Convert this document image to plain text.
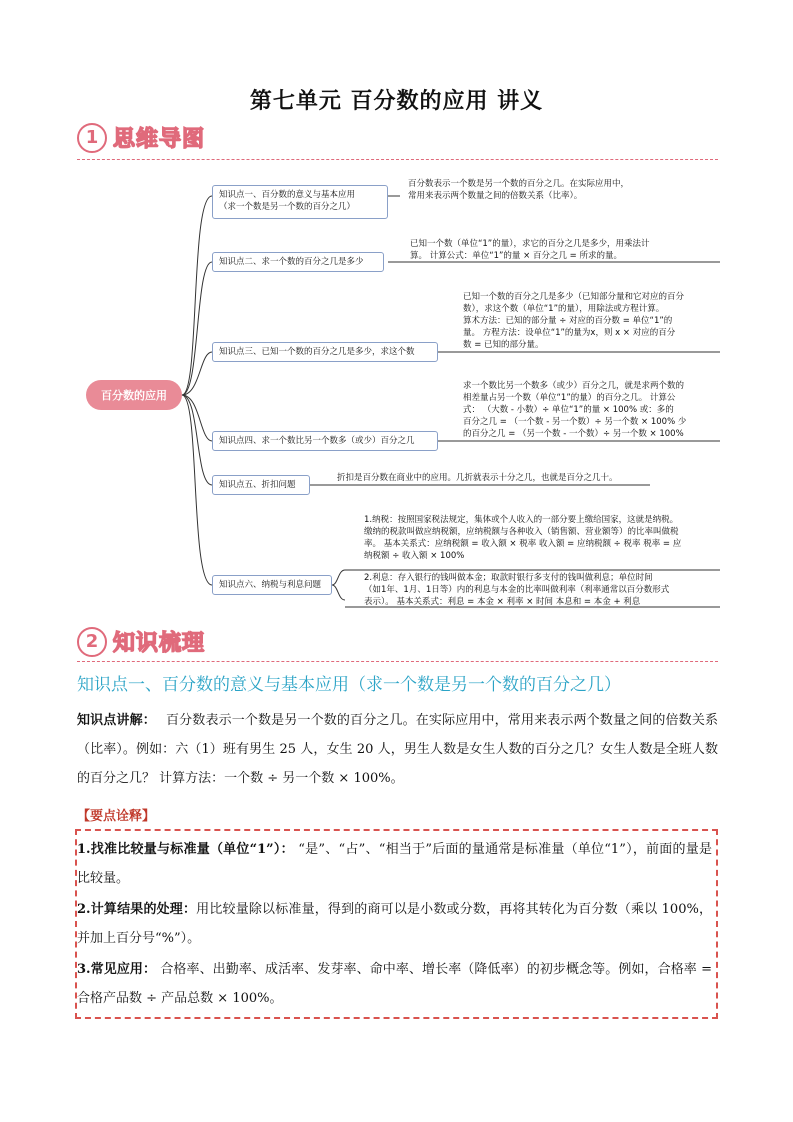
第七单元 百分数的应用 讲义
1 思维导图
百分数的应用
知识点一、百分数的意义与基本应用
（求一个数是另一个数的百分之几）
百分数表示一个数是另一个数的百分之几。在实际应用中，
常用来表示两个数量之间的倍数关系（比率）。
知识点二、求一个数的百分之几是多少
已知一个数（单位“1”的量），求它的百分之几是多少，用乘法计
算。 计算公式：单位“1”的量 × 百分之几 = 所求的量。
知识点三、已知一个数的百分之几是多少，求这个数
已知一个数的百分之几是多少（已知部分量和它对应的百分
数），求这个数（单位“1”的量），用除法或方程计算。
算术方法：已知的部分量 ÷ 对应的百分数 = 单位“1”的
量。 方程方法：设单位“1”的量为x，则 x × 对应的百分
数 = 已知的部分量。
知识点四、求一个数比另一个数多（或少）百分之几
求一个数比另一个数多（或少）百分之几，就是求两个数的
相差量占另一个数（单位“1”的量）的百分之几。 计算公
式： （大数 - 小数）÷ 单位“1”的量 × 100% 或：多的
百分之几 = （一个数 - 另一个数）÷ 另一个数 × 100% 少
的百分之几 = （另一个数 - 一个数）÷ 另一个数 × 100%
知识点五、折扣问题
折扣是百分数在商业中的应用。几折就表示十分之几，也就是百分之几十。
知识点六、纳税与利息问题
1.纳税：按照国家税法规定，集体或个人收入的一部分要上缴给国家，这就是纳税。
缴纳的税款叫做应纳税额，应纳税额与各种收入（销售额、营业额等）的比率叫做税
率。 基本关系式：应纳税额 = 收入额 × 税率 收入额 = 应纳税额 ÷ 税率 税率 = 应
纳税额 ÷ 收入额 × 100%
2.利息：存入银行的钱叫做本金；取款时银行多支付的钱叫做利息；单位时间
（如1年、1月、1日等）内的利息与本金的比率叫做利率（利率通常以百分数形式
表示）。 基本关系式：利息 = 本金 × 利率 × 时间 本息和 = 本金 + 利息
2 知识梳理
知识点一、百分数的意义与基本应用（求一个数是另一个数的百分之几）
知识点讲解： 百分数表示一个数是另一个数的百分之几。在实际应用中，常用来表示两个数量之间的倍数关系（比率）。例如：六（1）班有男生 25 人，女生 20 人，男生人数是女生人数的百分之几？女生人数是全班人数的百分之几？ 计算方法：一个数 ÷ 另一个数 × 100%。
【要点诠释】
1.找准比较量与标准量（单位“1”）： “是”、“占”、“相当于”后面的量通常是标准量（单位“1”），前面的量是比较量。
2.计算结果的处理：用比较量除以标准量，得到的商可以是小数或分数，再将其转化为百分数（乘以 100%，并加上百分号“%”）。
3.常见应用： 合格率、出勤率、成活率、发芽率、命中率、增长率（降低率）的初步概念等。例如，合格率 = 合格产品数 ÷ 产品总数 × 100%。
